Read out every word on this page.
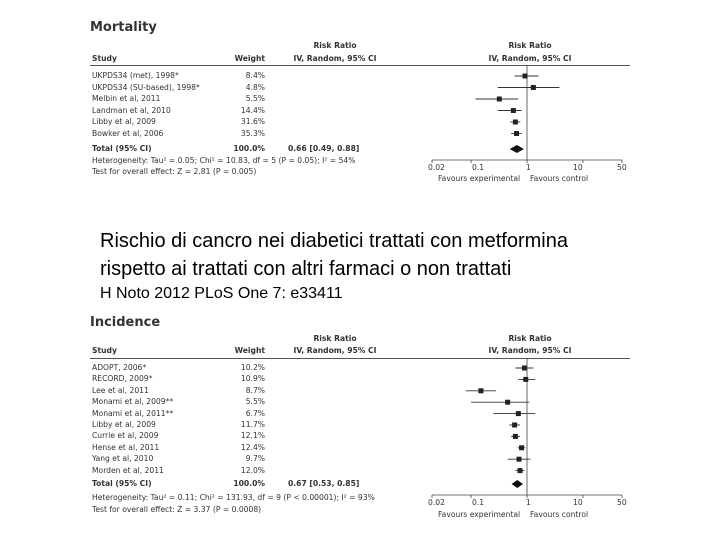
Mortality
Risk Ratio	Risk Ratio
Study	Weight	IV, Random, 95% CI	IV, Random, 95% CI
UKPDS34 (met), 1998*	8.4%
UKPDS34 (SU-based), 1998*	4.8%
Melbin et al, 2011	5.5%
Landman et al, 2010	14.4%
Libby et al, 2009	31.6%
Bowker et al, 2006	35.3%
Total (95% CI)	100.0%	0.66 [0.49, 0.88]
Heterogeneity: Tau² = 0.05; Chi² = 10.83, df = 5 (P = 0.05); I² = 54%
Test for overall effect: Z = 2.81 (P = 0.005)	0.02	0.1	1	10	50
Favours experimental Favours control
Rischio di cancro nei diabetici trattati con metformina
rispetto ai trattati con altri farmaci o non trattati
H Noto 2012 PLoS One 7: e33411
Incidence
Risk Ratio	Risk Ratio
Study	Weight	IV, Random, 95% CI	IV, Random, 95% CI
ADOPT, 2006*	10.2%
RECORD, 2009*	10.9%
Lee et al, 2011	8.7%
Monami et al, 2009**	5.5%
Monami et al, 2011**	6.7%
Libby et al, 2009	11.7%
Currie et al, 2009	12.1%
Hense et al, 2011	12.4%
Yang et al, 2010	9.7%
Morden et al, 2011	12.0%
Total (95% CI)	100.0%	0.67 [0.53, 0.85]
Heterogeneity: Tau² = 0.11; Chi² = 131.93, df = 9 (P < 0.00001); I² = 93%
Test for overall effect: Z = 3.37 (P = 0.0008)
0.02	0.1	1	10	50
Favours experimental Favours control
